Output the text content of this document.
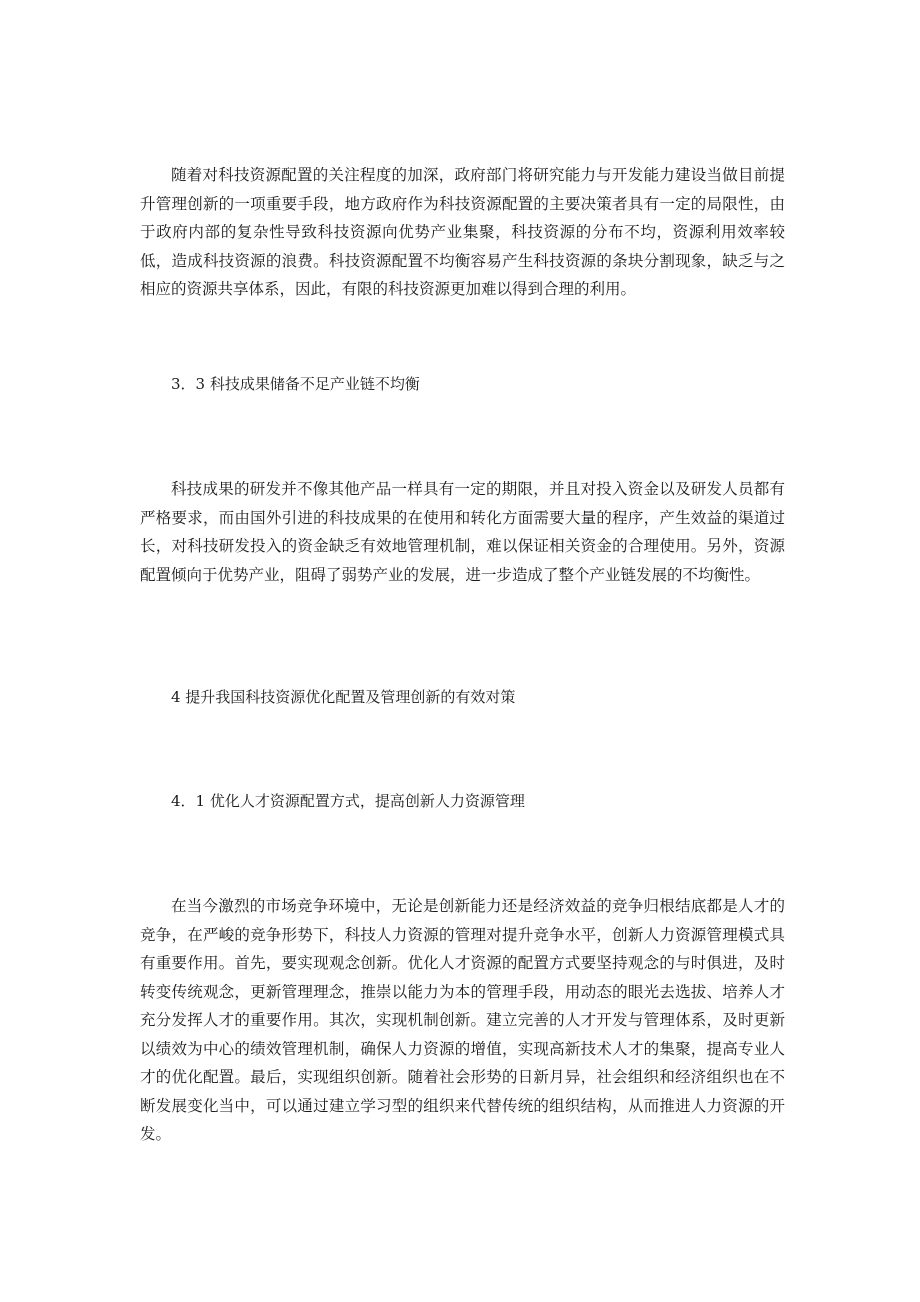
随着对科技资源配置的关注程度的加深，政府部门将研究能力与开发能力建设当做目前提升管理创新的一项重要手段，地方政府作为科技资源配置的主要决策者具有一定的局限性，由于政府内部的复杂性导致科技资源向优势产业集聚，科技资源的分布不均，资源利用效率较低，造成科技资源的浪费。科技资源配置不均衡容易产生科技资源的条块分割现象，缺乏与之相应的资源共享体系，因此，有限的科技资源更加难以得到合理的利用。

3．3 科技成果储备不足产业链不均衡

科技成果的研发并不像其他产品一样具有一定的期限，并且对投入资金以及研发人员都有严格要求，而由国外引进的科技成果的在使用和转化方面需要大量的程序，产生效益的渠道过长，对科技研发投入的资金缺乏有效地管理机制，难以保证相关资金的合理使用。另外，资源配置倾向于优势产业，阻碍了弱势产业的发展，进一步造成了整个产业链发展的不均衡性。

4 提升我国科技资源优化配置及管理创新的有效对策

4．1 优化人才资源配置方式，提高创新人力资源管理

在当今激烈的市场竞争环境中，无论是创新能力还是经济效益的竞争归根结底都是人才的竞争，在严峻的竞争形势下，科技人力资源的管理对提升竞争水平，创新人力资源管理模式具有重要作用。首先，要实现观念创新。优化人才资源的配置方式要坚持观念的与时俱进，及时转变传统观念，更新管理理念，推崇以能力为本的管理手段，用动态的眼光去选拔、培养人才充分发挥人才的重要作用。其次，实现机制创新。建立完善的人才开发与管理体系，及时更新以绩效为中心的绩效管理机制，确保人力资源的增值，实现高新技术人才的集聚，提高专业人才的优化配置。最后，实现组织创新。随着社会形势的日新月异，社会组织和经济组织也在不断发展变化当中，可以通过建立学习型的组织来代替传统的组织结构，从而推进人力资源的开发。
